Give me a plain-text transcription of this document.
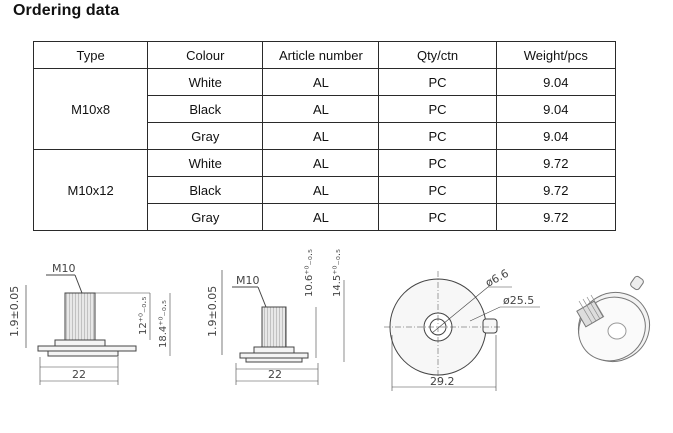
Ordering data
Type	Colour	Article number	Qty/ctn	Weight/pcs
M10x8	White	AL	PC	9.04
	Black	AL	PC	9.04
	Gray	AL	PC	9.04
M10x12	White	AL	PC	9.72
	Black	AL	PC	9.72
	Gray	AL	PC	9.72
1.9±0.05
M10
12⁺⁰₋₀.₅ 18.4⁺⁰₋₀.₅
22
1.9±0.05
M10	10.6⁺⁰₋₀.₅ 14.5⁺⁰₋₀.₅
22
ø6.6
ø25.5
29.2
